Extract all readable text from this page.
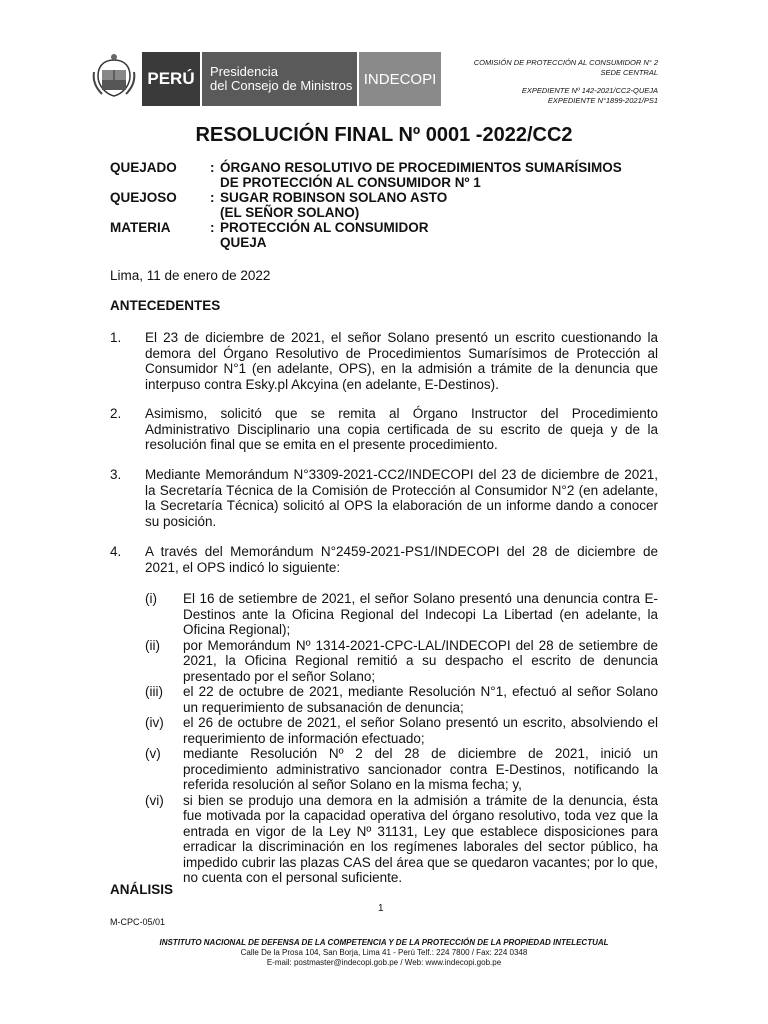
PERÚ	Presidencia
del Consejo de Ministros INDECOPI
COMISIÓN DE PROTECCIÓN AL CONSUMIDOR N° 2
SEDE CENTRAL
EXPEDIENTE Nº 142-2021/CC2-QUEJA
EXPEDIENTE N°1899-2021/PS1
RESOLUCIÓN FINAL Nº 0001 -2022/CC2
QUEJADO	: ÓRGANO RESOLUTIVO DE PROCEDIMIENTOS SUMARÍSIMOS
DE PROTECCIÓN AL CONSUMIDOR Nº 1
QUEJOSO	: SUGAR ROBINSON SOLANO ASTO
(EL SEÑOR SOLANO)
MATERIA	: PROTECCIÓN AL CONSUMIDOR
QUEJA
Lima, 11 de enero de 2022
ANTECEDENTES
1.	El 23 de diciembre de 2021, el señor Solano presentó un escrito cuestionando la demora del Órgano Resolutivo de Procedimientos Sumarísimos de Protección al Consumidor N°1 (en adelante, OPS), en la admisión a trámite de la denuncia que interpuso contra Esky.pl Akcyina (en adelante, E-Destinos).
2.	Asimismo, solicitó que se remita al Órgano Instructor del Procedimiento Administrativo Disciplinario una copia certificada de su escrito de queja y de la resolución final que se emita en el presente procedimiento.
3.	Mediante Memorándum N°3309-2021-CC2/INDECOPI del 23 de diciembre de 2021, la Secretaría Técnica de la Comisión de Protección al Consumidor N°2 (en adelante, la Secretaría Técnica) solicitó al OPS la elaboración de un informe dando a conocer su posición.
4.	A través del Memorándum N°2459-2021-PS1/INDECOPI del 28 de diciembre de 2021, el OPS indicó lo siguiente:
(i)	El 16 de setiembre de 2021, el señor Solano presentó una denuncia contra E-Destinos ante la Oficina Regional del Indecopi La Libertad (en adelante, la Oficina Regional);
(ii)	por Memorándum Nº 1314-2021-CPC-LAL/INDECOPI del 28 de setiembre de 2021, la Oficina Regional remitió a su despacho el escrito de denuncia presentado por el señor Solano;
(iii)	el 22 de octubre de 2021, mediante Resolución N°1, efectuó al señor Solano un requerimiento de subsanación de denuncia;
(iv)	el 26 de octubre de 2021, el señor Solano presentó un escrito, absolviendo el requerimiento de información efectuado;
(v)	mediante Resolución Nº 2 del 28 de diciembre de 2021, inició un procedimiento administrativo sancionador contra E-Destinos, notificando la referida resolución al señor Solano en la misma fecha; y,
(vi)	si bien se produjo una demora en la admisión a trámite de la denuncia, ésta fue motivada por la capacidad operativa del órgano resolutivo, toda vez que la entrada en vigor de la Ley Nº 31131, Ley que establece disposiciones para erradicar la discriminación en los regímenes laborales del sector público, ha impedido cubrir las plazas CAS del área que se quedaron vacantes; por lo que, no cuenta con el personal suficiente.
ANÁLISIS
1
M-CPC-05/01
INSTITUTO NACIONAL DE DEFENSA DE LA COMPETENCIA Y DE LA PROTECCIÓN DE LA PROPIEDAD INTELECTUAL
Calle De la Prosa 104, San Borja, Lima 41 - Perú Telf.: 224 7800 / Fax: 224 0348
E-mail: postmaster@indecopi.gob.pe / Web: www.indecopi.gob.pe
